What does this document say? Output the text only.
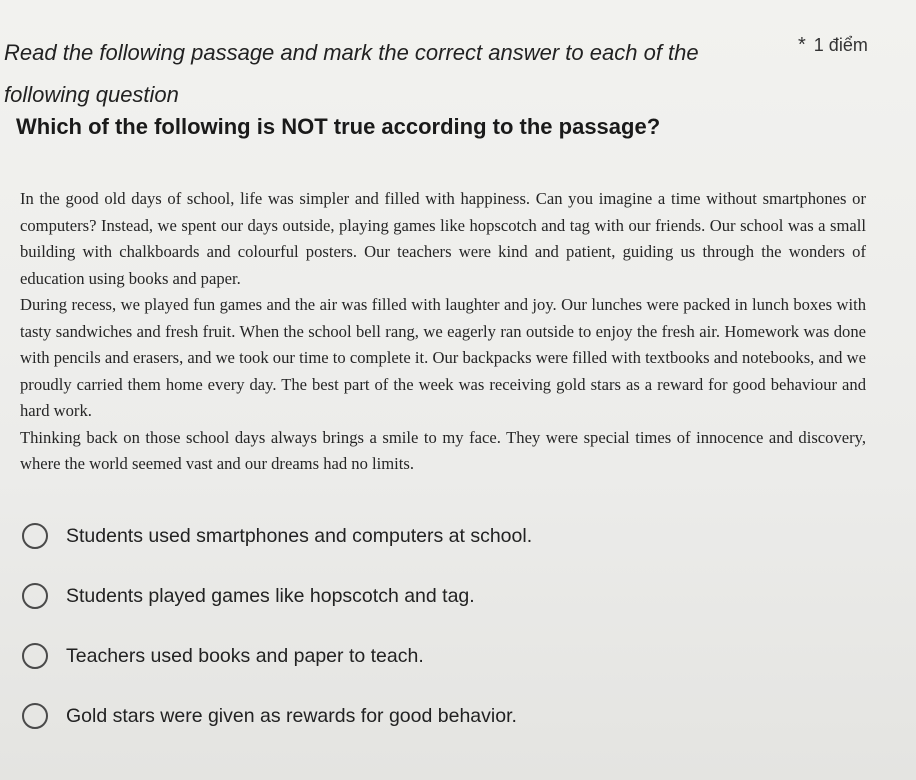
Read the following passage and mark the correct answer to each of the
following question
* 1 điểm
Which of the following is NOT true according to the passage?

In the good old days of school, life was simpler and filled with happiness. Can you imagine a time without smartphones or computers? Instead, we spent our days outside, playing games like hopscotch and tag with our friends. Our school was a small building with chalkboards and colourful posters. Our teachers were kind and patient, guiding us through the wonders of education using books and paper.

During recess, we played fun games and the air was filled with laughter and joy. Our lunches were packed in lunch boxes with tasty sandwiches and fresh fruit. When the school bell rang, we eagerly ran outside to enjoy the fresh air. Homework was done with pencils and erasers, and we took our time to complete it. Our backpacks were filled with textbooks and notebooks, and we proudly carried them home every day. The best part of the week was receiving gold stars as a reward for good behaviour and hard work.

Thinking back on those school days always brings a smile to my face. They were special times of innocence and discovery, where the world seemed vast and our dreams had no limits.

Students used smartphones and computers at school.
Students played games like hopscotch and tag.
Teachers used books and paper to teach.
Gold stars were given as rewards for good behavior.
